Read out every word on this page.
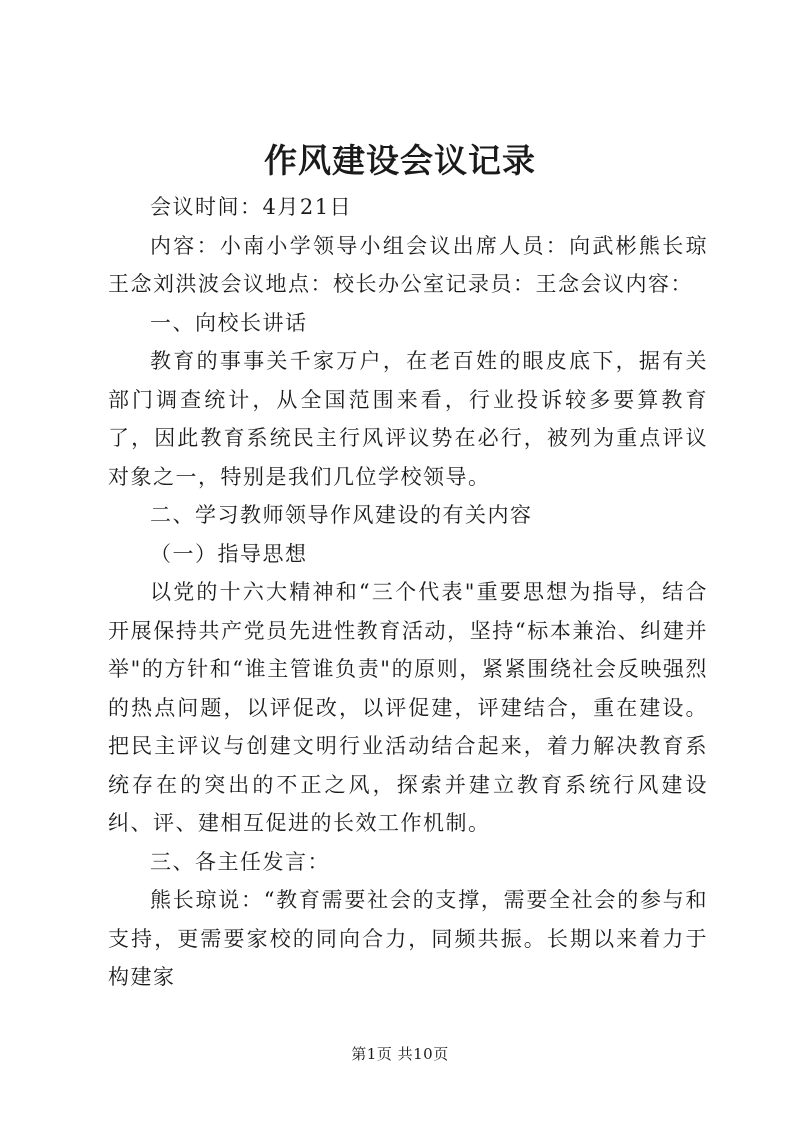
作风建设会议记录

会议时间：4月21日

内容：小南小学领导小组会议出席人员：向武彬熊长琼王念刘洪波会议地点：校长办公室记录员：王念会议内容：

一、向校长讲话

教育的事事关千家万户，在老百姓的眼皮底下，据有关部门调查统计，从全国范围来看，行业投诉较多要算教育了，因此教育系统民主行风评议势在必行，被列为重点评议对象之一，特别是我们几位学校领导。

二、学习教师领导作风建设的有关内容

（一）指导思想

以党的十六大精神和“三个代表"重要思想为指导，结合开展保持共产党员先进性教育活动，坚持“标本兼治、纠建并举"的方针和“谁主管谁负责"的原则，紧紧围绕社会反映强烈的热点问题，以评促改，以评促建，评建结合，重在建设。把民主评议与创建文明行业活动结合起来，着力解决教育系统存在的突出的不正之风，探索并建立教育系统行风建设纠、评、建相互促进的长效工作机制。

三、各主任发言：

熊长琼说：“教育需要社会的支撑，需要全社会的参与和支持，更需要家校的同向合力，同频共振。长期以来着力于构建家

第1页 共10页
